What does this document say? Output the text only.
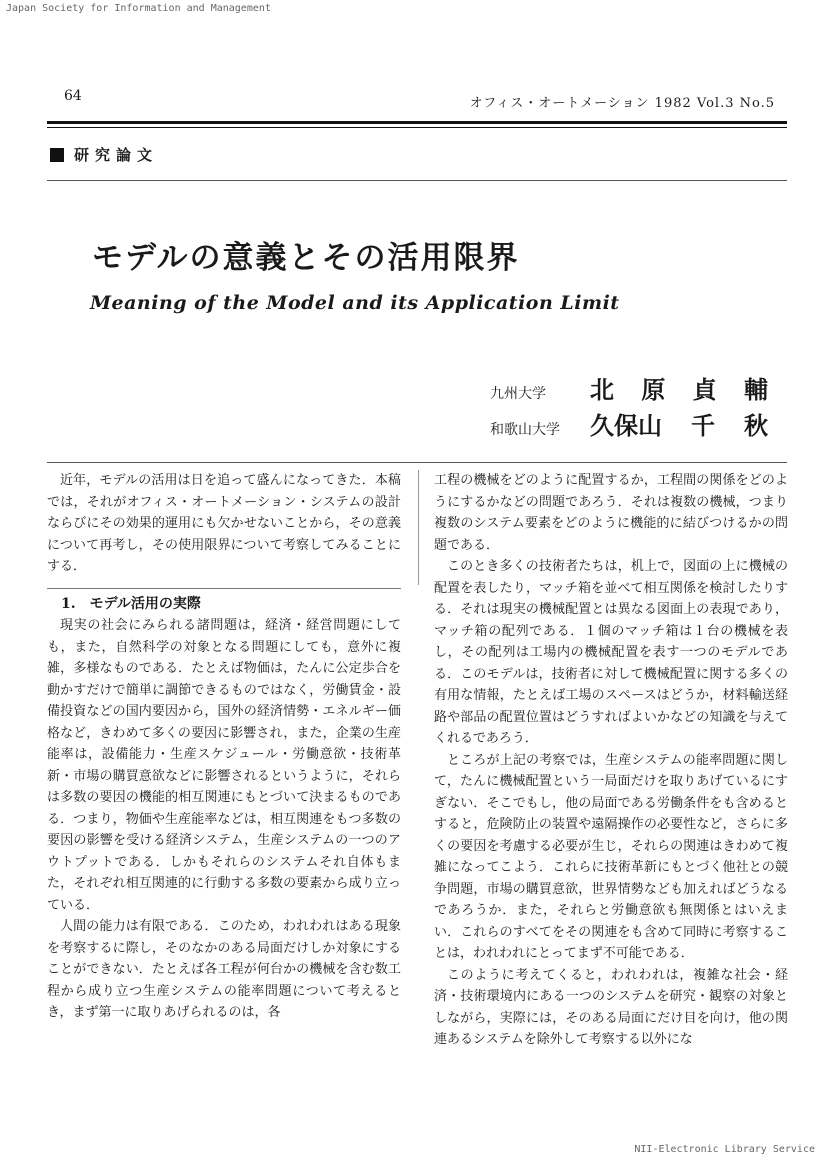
Japan Society for Information and Management
64	オフィス・オートメーション 1982 Vol.3 No.5
研究論文
モデルの意義とその活用限界
Meaning of the Model and its Application Limit
九州大学	北 原 貞 輔
和歌山大学	久保山 千 秋

近年，モデルの活用は日を追って盛んになってきた．本稿では，それがオフィス・オートメーション・システムの設計ならびにその効果的運用にも欠かせないことから，その意義について再考し，その使用限界について考察してみることにする．

1.　モデル活用の実際

現実の社会にみられる諸問題は，経済・経営問題にしても，また，自然科学の対象となる問題にしても，意外に複雑，多様なものである．たとえば物価は，たんに公定歩合を動かすだけで簡単に調節できるものではなく，労働賃金・設備投資などの国内要因から，国外の経済情勢・エネルギー価格など，きわめて多くの要因に影響され，また，企業の生産能率は，設備能力・生産スケジュール・労働意欲・技術革新・市場の購買意欲などに影響されるというように，それらは多数の要因の機能的相互関連にもとづいて決まるものである．つまり，物価や生産能率などは，相互関連をもつ多数の要因の影響を受ける経済システム，生産システムの一つのアウトプットである．しかもそれらのシステムそれ自体もまた，それぞれ相互関連的に行動する多数の要素から成り立っている．

人間の能力は有限である．このため，われわれはある現象を考察するに際し，そのなかのある局面だけしか対象にすることができない．たとえば各工程が何台かの機械を含む数工程から成り立つ生産システムの能率問題について考えるとき，まず第一に取りあげられるのは，各

工程の機械をどのように配置するか，工程間の関係をどのようにするかなどの問題であろう．それは複数の機械，つまり複数のシステム要素をどのように機能的に結びつけるかの問題である．

このとき多くの技術者たちは，机上で，図面の上に機械の配置を表したり，マッチ箱を並べて相互関係を検討したりする．それは現実の機械配置とは異なる図面上の表現であり，マッチ箱の配列である．１個のマッチ箱は１台の機械を表し，その配列は工場内の機械配置を表す一つのモデルである．このモデルは，技術者に対して機械配置に関する多くの有用な情報，たとえば工場のスペースはどうか，材料輸送経路や部品の配置位置はどうすればよいかなどの知識を与えてくれるであろう．

ところが上記の考察では，生産システムの能率問題に関して，たんに機械配置という一局面だけを取りあげているにすぎない．そこでもし，他の局面である労働条件をも含めるとすると，危険防止の装置や遠隔操作の必要性など，さらに多くの要因を考慮する必要が生じ，それらの関連はきわめて複雑になってこよう．これらに技術革新にもとづく他社との競争問題，市場の購買意欲，世界情勢なども加えればどうなるであろうか．また，それらと労働意欲も無関係とはいえまい．これらのすべてをその関連をも含めて同時に考察することは，われわれにとってまず不可能である．

このように考えてくると，われわれは，複雑な社会・経済・技術環境内にある一つのシステムを研究・観察の対象としながら，実際には，そのある局面にだけ目を向け，他の関連あるシステムを除外して考察する以外にな

NII-Electronic Library Service
